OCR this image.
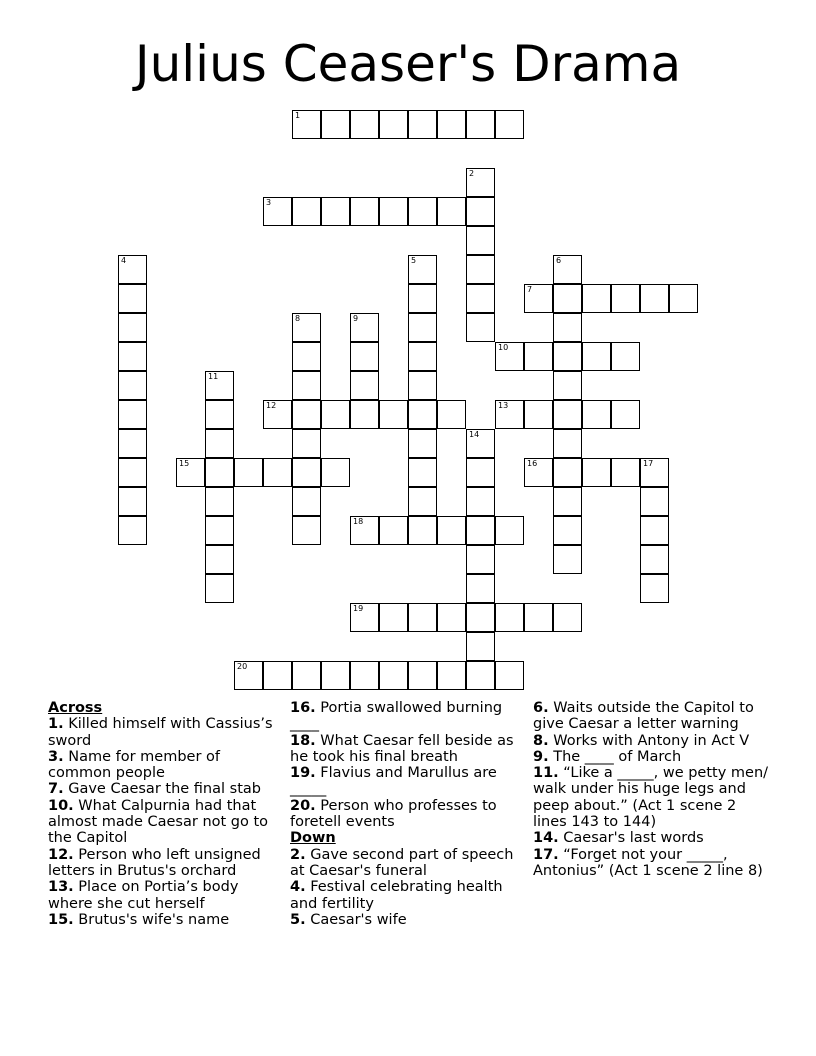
Julius Ceaser's Drama
1
2
3
4	5	6
7
8	9
10
11
12	13
14
15	16	17
18
19
20
Across
1. Killed himself with Cassius’s sword
3. Name for member of common people
7. Gave Caesar the final stab
10. What Calpurnia had that almost made Caesar not go to the Capitol
12. Person who left unsigned letters in Brutus's orchard
13. Place on Portia’s body where she cut herself
15. Brutus's wife's name
16. Portia swallowed burning ____
18. What Caesar fell beside as he took his final breath
19. Flavius and Marullus are _____
20. Person who professes to foretell events
Down
2. Gave second part of speech at Caesar's funeral
4. Festival celebrating health and fertility
5. Caesar's wife
6. Waits outside the Capitol to give Caesar a letter warning
8. Works with Antony in Act V
9. The ____ of March
11. “Like a _____, we petty men/ walk under his huge legs and peep about.” (Act 1 scene 2 lines 143 to 144)
14. Caesar's last words
17. “Forget not your _____, Antonius” (Act 1 scene 2 line 8)
